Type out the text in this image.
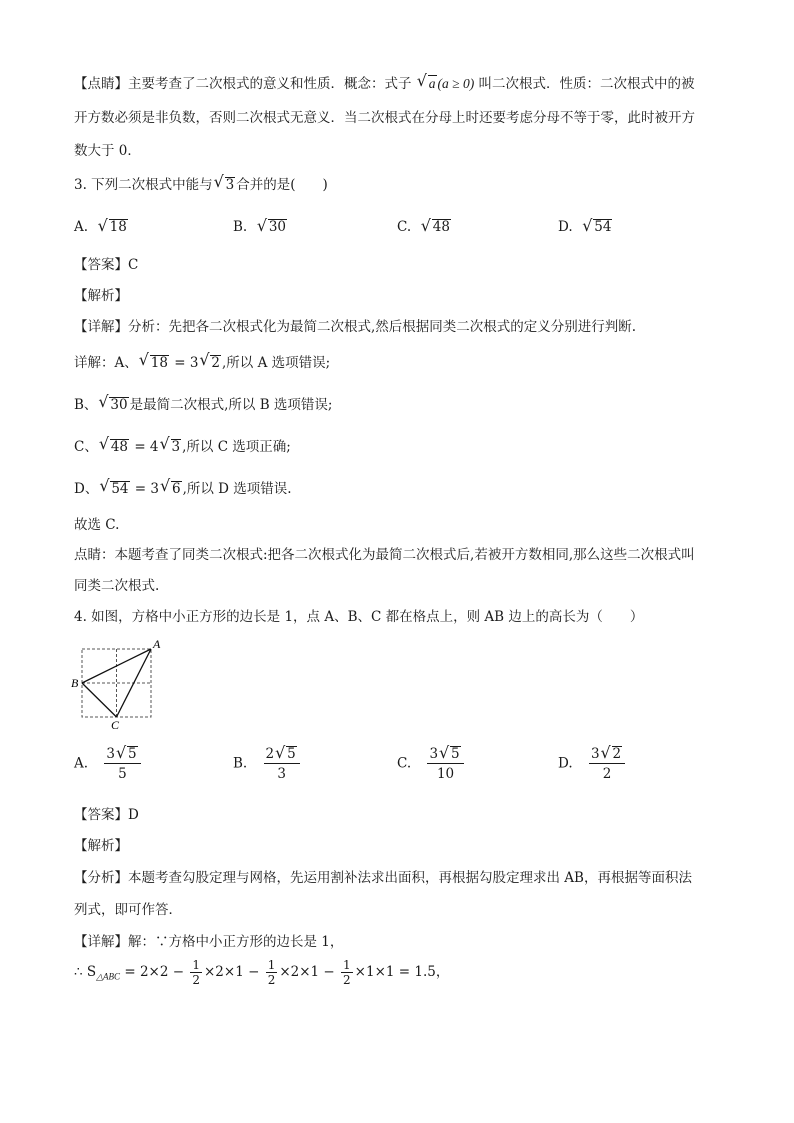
【点睛】主要考查了二次根式的意义和性质．概念：式子 √ a (a ≥ 0) 叫二次根式．性质：二次根式中的被
开方数必须是非负数，否则二次根式无意义．当二次根式在分母上时还要考虑分母不等于零，此时被开方
数大于 0．
3. 下列二次根式中能与 √ 3 合并的是(　　)
A. √ 18	B. √ 30	C. √ 48	D. √ 54
【答案】C
【解析】
【详解】分析：先把各二次根式化为最简二次根式,然后根据同类二次根式的定义分别进行判断.
详解：A、 √ 18 = 3 √ 2 ,所以 A 选项错误;
B、 √ 30 是最简二次根式,所以 B 选项错误;
C、 √ 48 = 4 √ 3 ,所以 C 选项正确;
D、 √ 54 = 3 √ 6 ,所以 D 选项错误.
故选 C.
点睛：本题考查了同类二次根式:把各二次根式化为最简二次根式后,若被开方数相同,那么这些二次根式叫
同类二次根式.
4. 如图，方格中小正方形的边长是 1，点 A、B、C 都在格点上，则 AB 边上的高长为（　　）
A
B
C
A. $\frac{3 √ 5}{5}$	B. $\frac{2 √ 5}{3}$	C. $\frac{3 √ 5}{10}$	D. $\frac{3 √ 2}{2}$
【答案】D
【解析】
【分析】本题考查勾股定理与网格，先运用割补法求出面积，再根据勾股定理求出 AB，再根据等面积法
列式，即可作答．
【详解】解：∵方格中小正方形的边长是 1，
∴ $S_{\triangle ABC} = 2\times 2 - \frac{1}{2} \times 2\times 1 - \frac{1}{2} \times 2\times 1 - \frac{1}{2} \times 1\times 1 = 1.5$，
